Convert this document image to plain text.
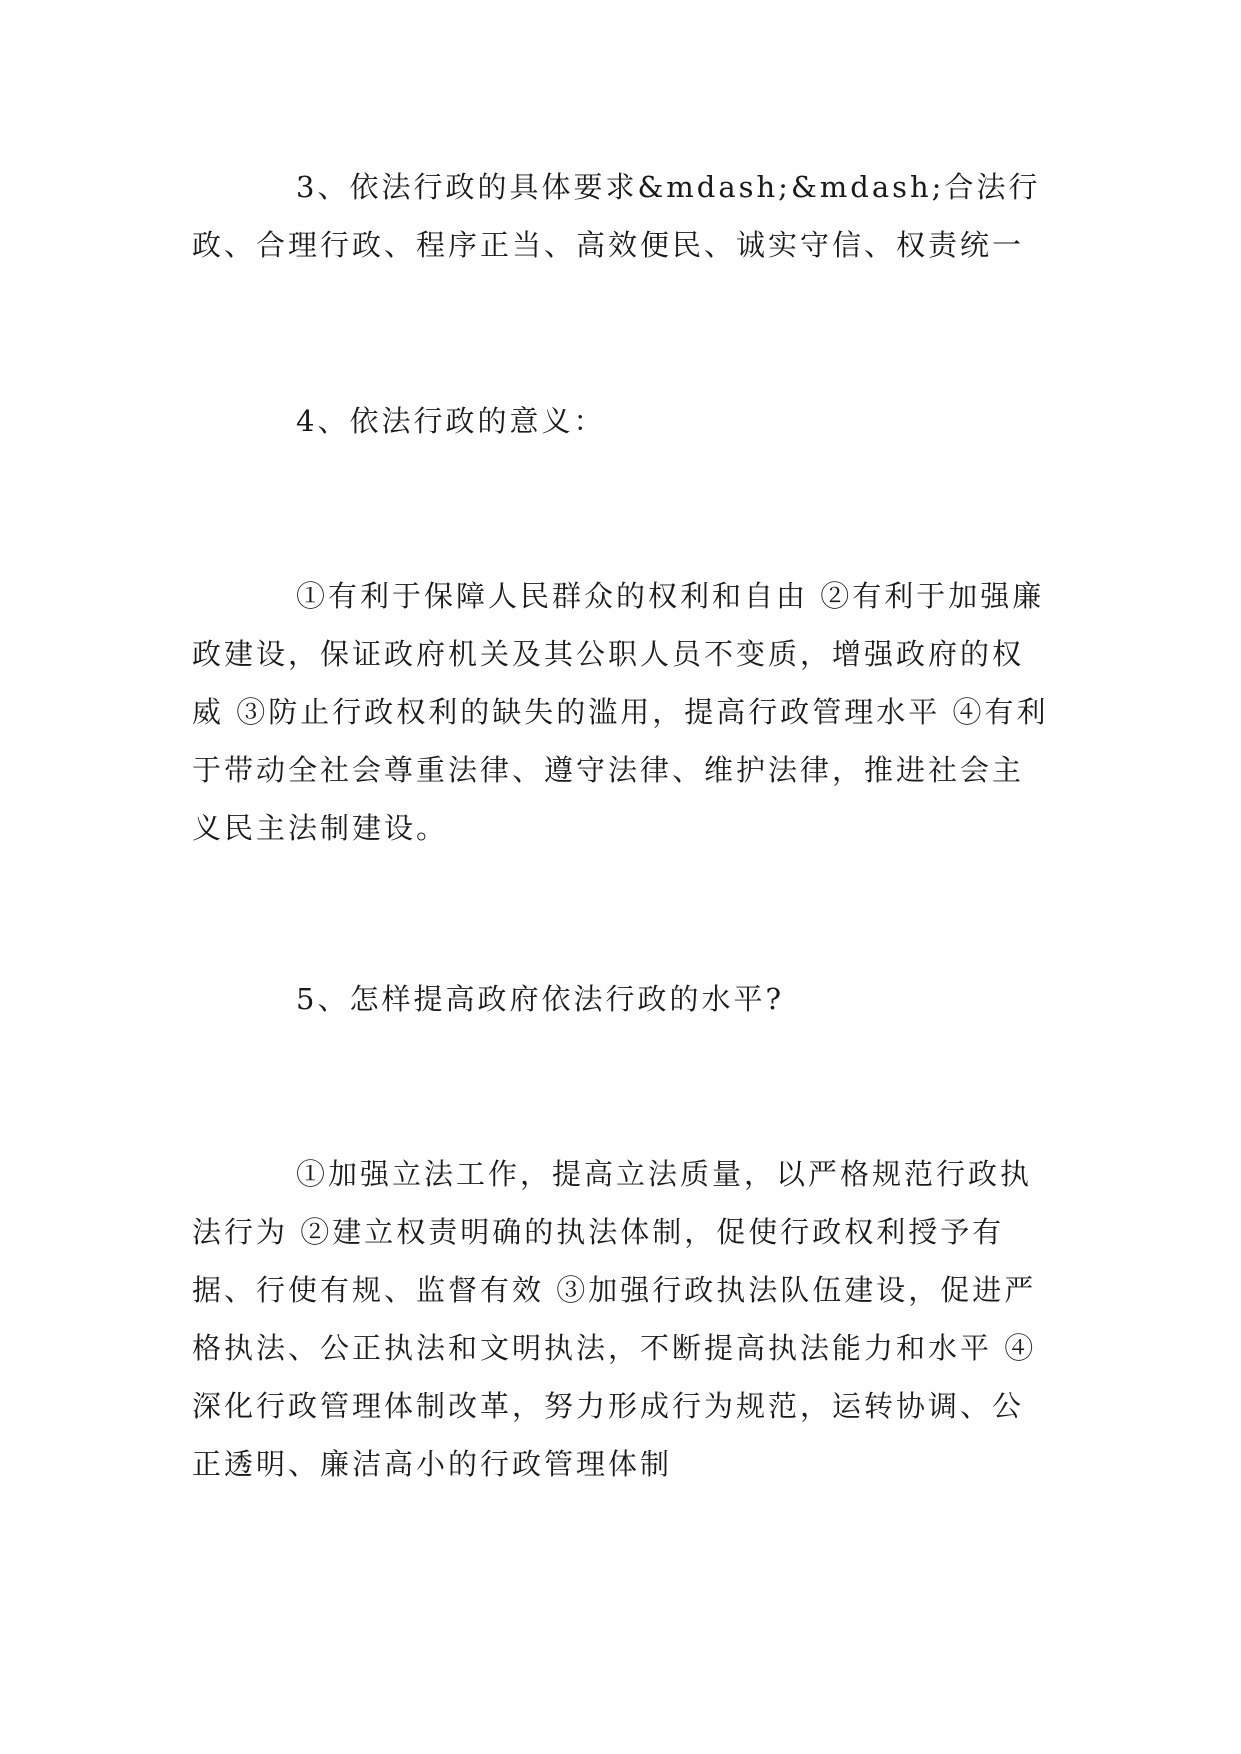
3、依法行政的具体要求&mdash;&mdash;合法行政、合理行政、程序正当、高效便民、诚实守信、权责统一

4、依法行政的意义：

①有利于保障人民群众的权利和自由 ②有利于加强廉政建设，保证政府机关及其公职人员不变质，增强政府的权威 ③防止行政权利的缺失的滥用，提高行政管理水平 ④有利于带动全社会尊重法律、遵守法律、维护法律，推进社会主义民主法制建设。

5、怎样提高政府依法行政的水平?

①加强立法工作，提高立法质量，以严格规范行政执法行为 ②建立权责明确的执法体制，促使行政权利授予有据、行使有规、监督有效 ③加强行政执法队伍建设，促进严格执法、公正执法和文明执法，不断提高执法能力和水平 ④深化行政管理体制改革，努力形成行为规范，运转协调、公正透明、廉洁高小的行政管理体制
